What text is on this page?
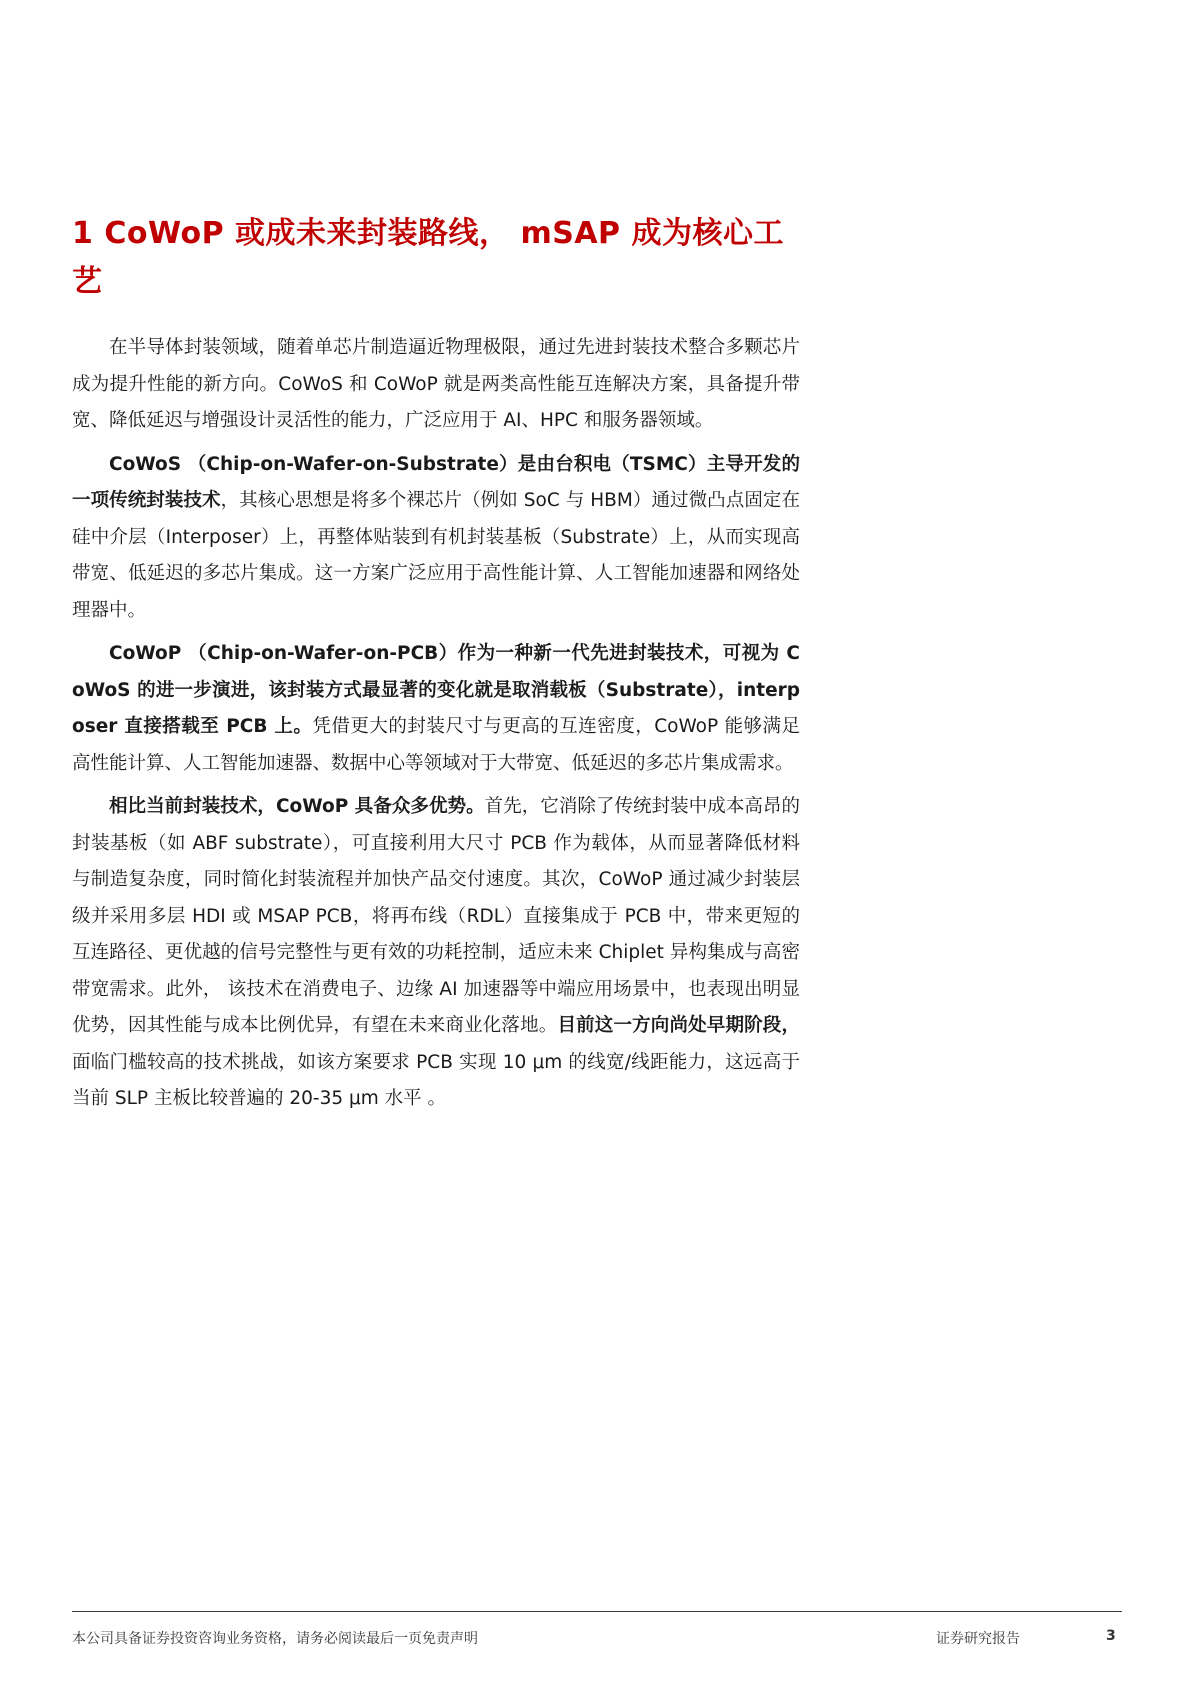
1 CoWoP 或成未来封装路线， mSAP 成为核心工艺

在半导体封装领域，随着单芯片制造逼近物理极限，通过先进封装技术整合多颗芯片成为提升性能的新方向。CoWoS 和 CoWoP 就是两类高性能互连解决方案，具备提升带宽、降低延迟与增强设计灵活性的能力，广泛应用于 AI、HPC 和服务器领域。

CoWoS （Chip-on-Wafer-on-Substrate）是由台积电（TSMC）主导开发的一项传统封装技术，其核心思想是将多个裸芯片（例如 SoC 与 HBM）通过微凸点固定在硅中介层（Interposer）上，再整体贴装到有机封装基板（Substrate）上，从而实现高带宽、低延迟的多芯片集成。这一方案广泛应用于高性能计算、人工智能加速器和网络处理器中。

CoWoP （Chip-on-Wafer-on-PCB）作为一种新一代先进封装技术，可视为 CoWoS 的进一步演进，该封装方式最显著的变化就是取消载板（Substrate），interposer 直接搭载至 PCB 上。凭借更大的封装尺寸与更高的互连密度，CoWoP 能够满足高性能计算、人工智能加速器、数据中心等领域对于大带宽、低延迟的多芯片集成需求。

相比当前封装技术，CoWoP 具备众多优势。首先，它消除了传统封装中成本高昂的封装基板（如 ABF substrate），可直接利用大尺寸 PCB 作为载体，从而显著降低材料与制造复杂度，同时简化封装流程并加快产品交付速度。其次，CoWoP 通过减少封装层级并采用多层 HDI 或 MSAP PCB，将再布线（RDL）直接集成于 PCB 中，带来更短的互连路径、更优越的信号完整性与更有效的功耗控制，适应未来 Chiplet 异构集成与高密带宽需求。此外， 该技术在消费电子、边缘 AI 加速器等中端应用场景中，也表现出明显优势，因其性能与成本比例优异，有望在未来商业化落地。目前这一方向尚处早期阶段，面临门槛较高的技术挑战，如该方案要求 PCB 实现 10 μm 的线宽/线距能力，这远高于当前 SLP 主板比较普遍的 20-35 μm 水平 。

本公司具备证券投资咨询业务资格，请务必阅读最后一页免责声明	证券研究报告	3
